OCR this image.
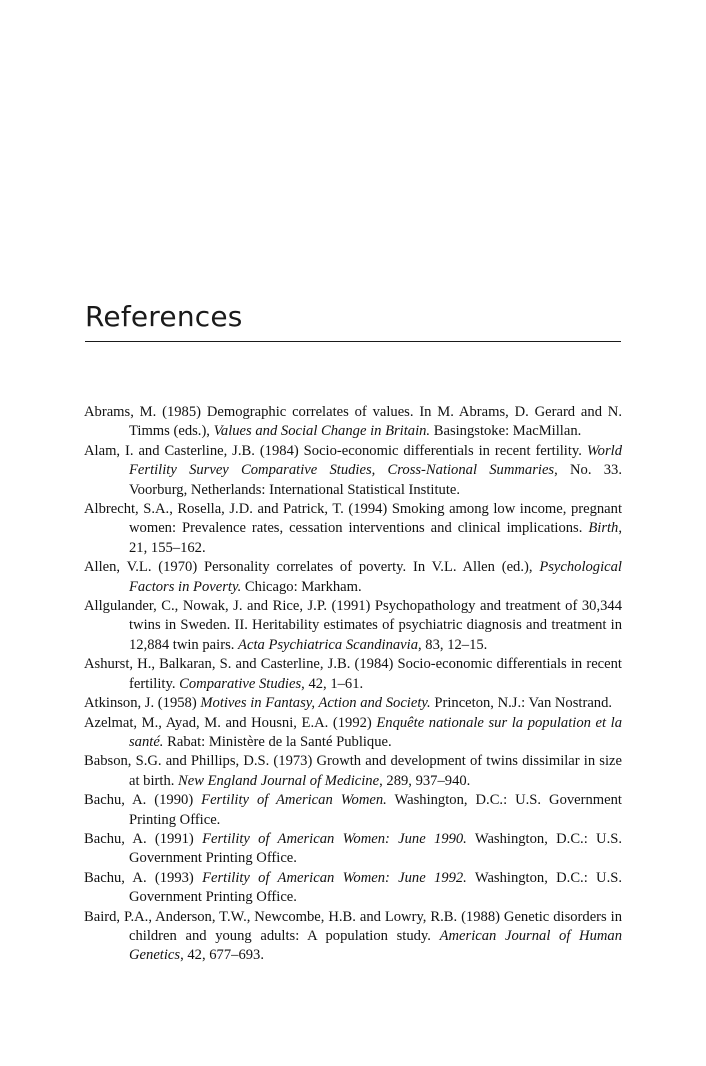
References

Abrams, M. (1985) Demographic correlates of values. In M. Abrams, D. Gerard and N. Timms (eds.), Values and Social Change in Britain. Basingstoke: MacMillan.

Alam, I. and Casterline, J.B. (1984) Socio-economic differentials in recent fertility. World Fertility Survey Comparative Studies, Cross-National Summaries, No. 33. Voorburg, Netherlands: International Statistical Institute.

Albrecht, S.A., Rosella, J.D. and Patrick, T. (1994) Smoking among low income, pregnant women: Prevalence rates, cessation interventions and clinical implications. Birth, 21, 155–162.

Allen, V.L. (1970) Personality correlates of poverty. In V.L. Allen (ed.), Psychological Factors in Poverty. Chicago: Markham.

Allgulander, C., Nowak, J. and Rice, J.P. (1991) Psychopathology and treatment of 30,344 twins in Sweden. II. Heritability estimates of psychiatric diagnosis and treatment in 12,884 twin pairs. Acta Psychiatrica Scandinavia, 83, 12–15.

Ashurst, H., Balkaran, S. and Casterline, J.B. (1984) Socio-economic differentials in recent fertility. Comparative Studies, 42, 1–61.

Atkinson, J. (1958) Motives in Fantasy, Action and Society. Princeton, N.J.: Van Nostrand.

Azelmat, M., Ayad, M. and Housni, E.A. (1992) Enquête nationale sur la population et la santé. Rabat: Ministère de la Santé Publique.

Babson, S.G. and Phillips, D.S. (1973) Growth and development of twins dissimilar in size at birth. New England Journal of Medicine, 289, 937–940.

Bachu, A. (1990) Fertility of American Women. Washington, D.C.: U.S. Government Printing Office.

Bachu, A. (1991) Fertility of American Women: June 1990. Washington, D.C.: U.S. Government Printing Office.

Bachu, A. (1993) Fertility of American Women: June 1992. Washington, D.C.: U.S. Government Printing Office.

Baird, P.A., Anderson, T.W., Newcombe, H.B. and Lowry, R.B. (1988) Genetic disorders in children and young adults: A population study. American Journal of Human Genetics, 42, 677–693.
